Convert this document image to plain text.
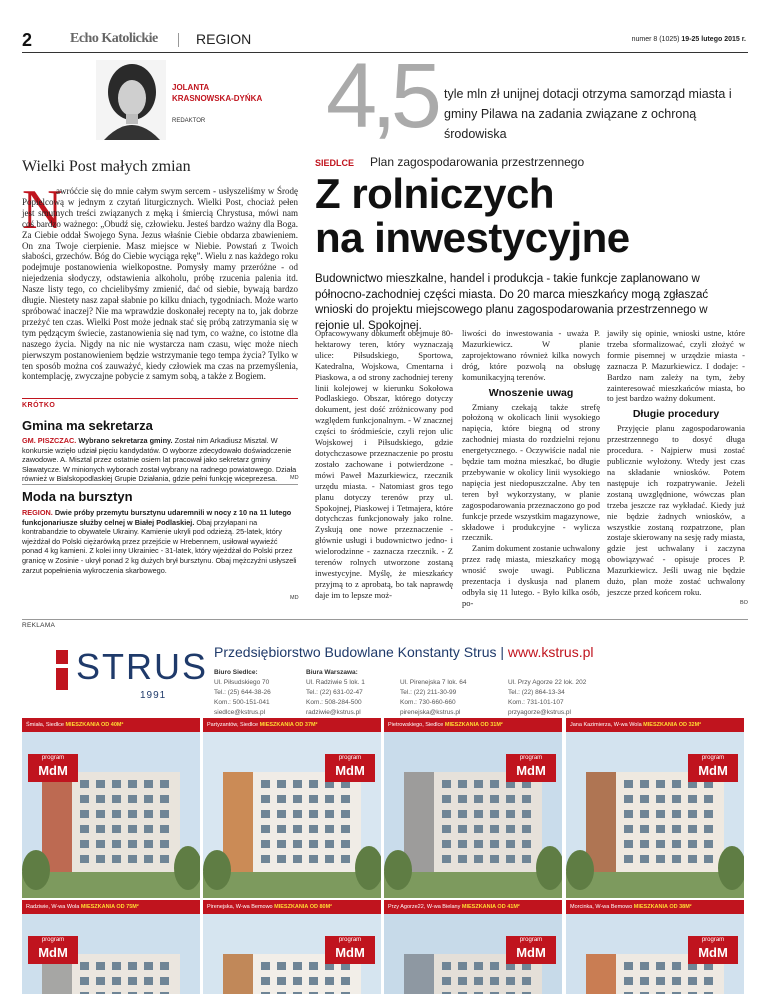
2	Echo Katolickie	REGION	numer 8 (1025) 19-25 lutego 2015 r.
JOLANTA
KRASNOWSKA-DYŃKA
REDAKTOR
Wielki Post małych zmian
N

awróćcie się do mnie całym swym sercem - usłyszeliśmy w Środę Popielcową w jednym z czytań liturgicznych. Wielki Post, chociaż pełen jest smutnych treści związanych z męką i śmiercią Chrystusa, mówi nam coś bardzo ważnego: „Obudź się, człowieku. Jesteś bardzo ważny dla Boga. Za Ciebie oddał Swojego Syna. Jezus właśnie Ciebie obdarza zbawieniem. On zna Twoje cierpienie. Masz miejsce w Niebie. Powstań z Twoich słabości, grzechów. Bóg do Ciebie wyciąga rękę”. Wielu z nas każdego roku podejmuje postanowienia wielkopostne. Pomysły mamy przeróżne - od niejedzenia słodyczy, odstawienia alkoholu, próbę rzucenia palenia itd. Nasze listy tego, co chcielibyśmy zmienić, dać od siebie, bywają bardzo długie. Niestety nasz zapał słabnie po kilku dniach, tygodniach. Może warto spróbować inaczej? Nie ma wprawdzie doskonałej recepty na to, jak dobrze przeżyć ten czas. Wielki Post może jednak stać się próbą zatrzymania się w tym pędzącym świecie, zastanowienia się nad tym, co ważne, co istotne dla naszego życia. Nigdy na nic nie wystarcza nam czasu, więc może niech pierwszym postanowieniem będzie wstrzymanie tego tempa życia? Tylko w ten sposób można coś zauważyć, kiedy człowiek ma czas na przemyślenia, kontemplację, zwyczajne pobycie z samym sobą, a także z Bogiem.

KRÓTKO
Gmina ma sekretarza
GM. PISZCZAC. Wybrano sekretarza gminy. Został nim Arkadiusz Misztal. W konkursie wzięło udział pięciu kandydatów. O wyborze zdecydowało doświadczenie zawodowe. A. Misztal przez ostatnie osiem lat pracował jako sekretarz gminy Sławatycze. W minionych wyborach został wybrany na radnego powiatowego. Działa również w Bialskopodlaskiej Grupie Działania, gdzie pełni funkcję wiceprezesa.	MD
Moda na bursztyn
REGION. Dwie próby przemytu bursztynu udaremnili w nocy z 10 na 11 lutego funkcjonariusze służby celnej w Białej Podlaskiej. Obaj przyłapani na kontrabandzie to obywatele Ukrainy. Kamienie ukryli pod odzieżą. 25-latek, który wjeżdżał do Polski ciężarówką przez przejście w Hrebennem, usiłował wywieźć ponad 4 kg kamieni. Z kolei inny Ukrainiec - 31-latek, który wjeżdżał do Polski przez granicę w Zosinie - ukrył ponad 2 kg dużych brył bursztynu. Obaj mężczyźni usłyszeli zarzut popełnienia wykroczenia skarbowego.
MD
4,5 tyle mln zł unijnej dotacji otrzyma samorząd miasta i gminy Pilawa na zadania związane z ochroną środowiska
SIEDLCE Plan zagospodarowania przestrzennego
Z rolniczych
na inwestycyjne
Budownictwo mieszkalne, handel i produkcja - takie funkcje zaplanowano w północno-zachodniej części miasta. Do 20 marca mieszkańcy mogą zgłaszać wnioski do projektu miejscowego planu zagospodarowania przestrzennego w rejonie ul. Spokojnej.

Opracowywany dokument obejmuje 80-hektarowy teren, który wyznaczają ulice: Piłsudskiego, Sportowa, Katedralna, Wojskowa, Cmentarna i Piaskowa, a od strony zachodniej tereny linii kolejowej w kierunku Sokołowa Podlaskiego. Obszar, którego dotyczy dokument, jest dość zróżnicowany pod względem funkcjonalnym. - W znacznej części to śródmieście, czyli rejon ulic Wojskowej i Piłsudskiego, gdzie dotychczasowe przeznaczenie po prostu zostało zachowane i potwierdzone - mówi Paweł Mazurkiewicz, rzecznik urzędu miasta. - Natomiast gros tego planu dotyczy terenów przy ul. Spokojnej, Piaskowej i Tetmajera, które dotychczas funkcjonowały jako rolne. Zyskują one nowe przeznaczenie - głównie usługi i budownictwo jedno- i wielorodzinne - zaznacza rzecznik. - Z terenów rolnych utworzone zostaną inwestycyjne. Myślę, że mieszkańcy przyjmą to z aprobatą, bo tak naprawdę daje im to lepsze moż-

liwości do inwestowania - uważa P. Mazurkiewicz. W planie zaprojektowano również kilka nowych dróg, które pozwolą na obsługę komunikacyjną terenów.

Wnoszenie uwag

Zmiany czekają także strefę położoną w okolicach linii wysokiego napięcia, które biegną od strony zachodniej miasta do rozdzielni rejonu energetycznego. - Oczywiście nadal nie będzie tam można mieszkać, bo długie przebywanie w okolicy linii wysokiego napięcia jest niedopuszczalne. Aby ten teren był wykorzystany, w planie zagospodarowania przeznaczono go pod funkcje przede wszystkim magazynowe, składowe i produkcyjne - wylicza rzecznik.

Zanim dokument zostanie uchwalony przez radę miasta, mieszkańcy mogą wnosić swoje uwagi. Publiczna prezentacja i dyskusja nad planem odbyła się 11 lutego. - Było kilka osób, po-

jawiły się opinie, wnioski ustne, które trzeba sformalizować, czyli złożyć w formie pisemnej w urzędzie miasta - zaznacza P. Mazurkiewicz. I dodaje: - Bardzo nam zależy na tym, żeby zainteresować mieszkańców miasta, bo to jest bardzo ważny dokument.

Długie procedury

Przyjęcie planu zagospodarowania przestrzennego to dosyć długa procedura. - Najpierw musi zostać publicznie wyłożony. Wtedy jest czas na składanie wniosków. Potem następuje ich rozpatrywanie. Jeżeli zostaną uwzględnione, wówczas plan trzeba jeszcze raz wykładać. Kiedy już nie będzie żadnych wniosków, a wszystkie zostaną rozpatrzone, plan zostaje skierowany na sesję rady miasta, gdzie jest uchwalany i zaczyna obowiązywać - opisuje proces P. Mazurkiewicz. Jeśli uwag nie będzie dużo, plan może zostać uchwalony jeszcze przed końcem roku.

BO
REKLAMA
STRUS
1991
Przedsiębiorstwo Budowlane Konstanty Strus | www.kstrus.pl
Biuro Siedlce:
Ul. Piłsudskiego 70
Tel.: (25) 644-38-26
Kom.: 500-151-041
siedlce@kstrus.pl
Biura Warszawa:
Ul. Radziwie 5 lok. 1
Tel.: (22) 631-02-47
Kom.: 508-284-500
radziwie@kstrus.pl

Ul. Pirenejska 7 lok. 64
Tel.: (22) 211-30-99
Kom.: 730-660-660
pirenejska@kstrus.pl

Ul. Przy Agorze 22 lok. 202
Tel.: (22) 864-13-34
Kom.: 731-101-107
przyagorze@kstrus.pl
Śmiała, Siedlce MIESZKANIA OD 40M²
program
MdM
Partyzantów, Siedlce MIESZKANIA OD 37M²
program
MdM
Pietrowskiego, Siedlce MIESZKANIA OD 31M²
program
MdM
Jana Kazimierza, W-wa Wola MIESZKANIA OD 32M²
program
MdM
Radziwie, W-wa Wola MIESZKANIA OD 75M²
program
MdM
Pirenejska, W-wa Bemowo MIESZKANIA OD 80M²
program
MdM
Przy Agorze22, W-wa Bielany MIESZKANIA OD 41M²
program
MdM
Morcinka, W-wa Bemowo MIESZKANIA OD 38M²
program
MdM
